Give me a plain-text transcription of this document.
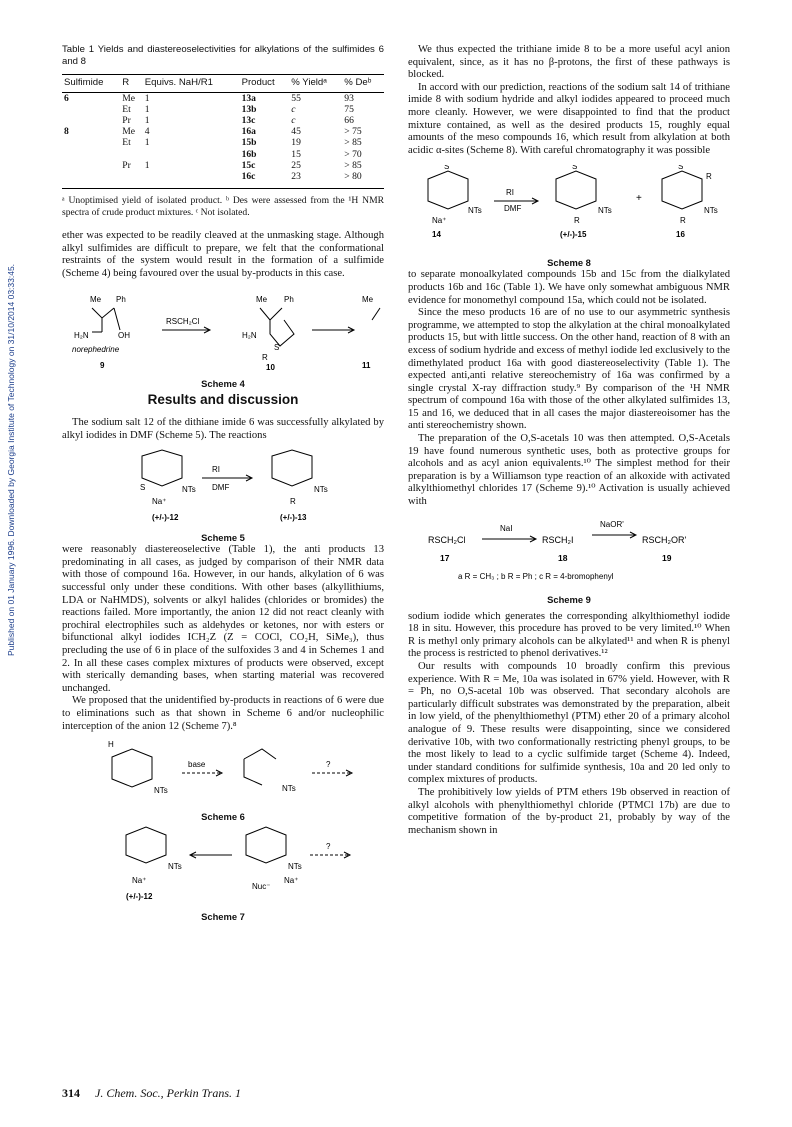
Published on 01 January 1996. Downloaded by Georgia Institute of Technology on 31/10/2014 03:33:45.
Table 1 Yields and diastereoselectivities for alkylations of the sulfimides 6 and 8
Sulfimide	R	Equivs. NaH/R1	Product	% Yieldᵃ	% Deᵇ
6	Me	1	13a	55	93
	Et	1	13b	c	75
	Pr	1	13c	c	66
8	Me	4	16a	45	> 75
	Et	1	15b	19	> 85
			16b	15	> 70
	Pr	1	15c	25	> 85
			16c	23	> 80
ᵃ Unoptimised yield of isolated product. ᵇ Des were assessed from the ¹H NMR spectra of crude product mixtures. ᶜ Not isolated.

ether was expected to be readily cleaved at the unmasking stage. Although alkyl sulfimides are difficult to prepare, we felt that the conformational restraints of the system would result in the formation of a sulfimide (Scheme 4) being favoured over the usual by-products in this case.

Me Ph
H₂N	OH
RSCH₂Cl
norephedrine
9
Me Ph
H₂N
S
R
10
Me
11
Scheme 4
Results and discussion

The sodium salt 12 of the dithiane imide 6 was successfully alkylated by alkyl iodides in DMF (Scheme 5). The reactions

NTs
S
Na⁺
RI
DMF	NTs
R
(+/-)-12	(+/-)-13
Scheme 5

were reasonably diastereoselective (Table 1), the anti products 13 predominating in all cases, as judged by comparison of their NMR data with those of compound 16a. However, in our hands, alkylation of 6 was successful only under these conditions. With other bases (alkyllithiums, LDA or NaHMDS), solvents or alkyl halides (chlorides or bromides) the reactions failed. More importantly, the anion 12 did not react cleanly with prochiral electrophiles such as aldehydes or ketones, nor with esters or bifunctional alkyl iodides ICH₂Z (Z = COCl, CO₂H, SiMe₃), thus precluding the use of 6 in place of the sulfoxides 3 and 4 in Schemes 1 and 2. In all these cases complex mixtures of products were observed, except with sterically demanding bases, when starting material was recovered unchanged.

We proposed that the unidentified by-products in reactions of 6 were due to eliminations such as that shown in Scheme 6 and/or nucleophilic interception of the anion 12 (Scheme 7).⁸

H
NTs
base
NTs
?
Scheme 6
NTs
Na⁺
NTs
Na⁺
Nuc⁻
?
(+/-)-12
Scheme 7

We thus expected the trithiane imide 8 to be a more useful acyl anion equivalent, since, as it has no β-protons, the first of these pathways is blocked.

In accord with our prediction, reactions of the sodium salt 14 of trithiane imide 8 with sodium hydride and alkyl iodides appeared to proceed much more cleanly. However, we were disappointed to find that the product mixture contained, as well as the desired products 15, roughly equal amounts of the meso compounds 16, which result from alkylation at both acidic α-sites (Scheme 8). With careful chromatography it was possible

S
NTs
Na⁺
RI
DMF
S
NTs
R
+
S
R
NTs
R
14	(+/-)-15	16
Scheme 8

to separate monoalkylated compounds 15b and 15c from the dialkylated products 16b and 16c (Table 1). We have only somewhat ambiguous NMR evidence for monomethyl compound 15a, which could not be isolated.

Since the meso products 16 are of no use to our asymmetric synthesis programme, we attempted to stop the alkylation at the chiral monoalkylated products 15, but with little success. On the other hand, reaction of 8 with an excess of sodium hydride and excess of methyl iodide led exclusively to the dimethylated product 16a with good diastereoselectivity (Table 1). The expected anti,anti relative stereochemistry of 16a was confirmed by a single crystal X-ray diffraction study.⁹ By comparison of the ¹H NMR spectrum of compound 16a with those of the other alkylated sulfimides 13, 15 and 16, we deduced that in all cases the major diastereoisomer has the anti stereochemistry shown.

The preparation of the O,S-acetals 10 was then attempted. O,S-Acetals 19 have found numerous synthetic uses, both as protective groups for alcohols and as acyl anion equivalents.¹⁰ The simplest method for their preparation is by a Williamson type reaction of an alkoxide with activated alkylthiomethyl chlorides 17 (Scheme 9).¹⁰ Activation is usually achieved with

RSCH₂Cl
NaI
RSCH₂I
NaOR'
RSCH₂OR'
17	18	19
a R = CH₃ ; b R = Ph ; c R = 4-bromophenyl
Scheme 9

sodium iodide which generates the corresponding alkylthiomethyl iodide 18 in situ. However, this procedure has proved to be very limited.¹⁰ When R is methyl only primary alcohols can be alkylated¹¹ and when R is phenyl the process is restricted to phenol derivatives.¹²

Our results with compounds 10 broadly confirm this previous experience. With R = Me, 10a was isolated in 67% yield. However, with R = Ph, no O,S-acetal 10b was observed. That secondary alcohols are particularly difficult substrates was demonstrated by the preparation, albeit in low yield, of the phenylthiomethyl (PTM) ether 20 of a primary alcohol analogue of 9. These results were disappointing, since we considered derivative 10b, with two conformationally restricting phenyl groups, to be the most likely to lead to a cyclic sulfimide target (Scheme 4). Indeed, under standard conditions for sulfimide synthesis, 10a and 20 led only to complex mixtures of products.

The prohibitively low yields of PTM ethers 19b observed in reaction of alkyl alcohols with phenylthiomethyl chloride (PTMCl 17b) are due to competitive formation of the by-product 21, probably by way of the mechanism shown in

314 J. Chem. Soc., Perkin Trans. 1
